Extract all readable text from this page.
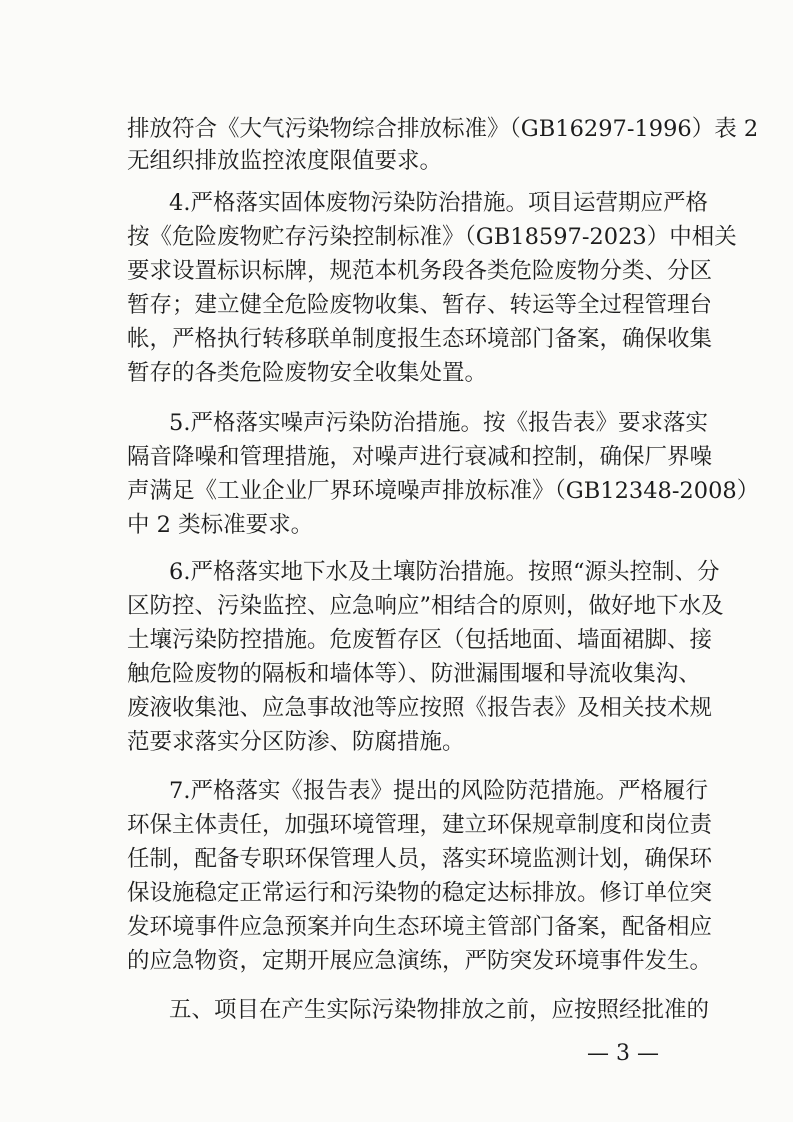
排放符合《大气污染物综合排放标准》（GB16297-1996）表 2
无组织排放监控浓度限值要求。
4.严格落实固体废物污染防治措施。项目运营期应严格
按《危险废物贮存污染控制标准》（GB18597-2023）中相关
要求设置标识标牌，规范本机务段各类危险废物分类、分区
暂存；建立健全危险废物收集、暂存、转运等全过程管理台
帐，严格执行转移联单制度报生态环境部门备案，确保收集
暂存的各类危险废物安全收集处置。
5.严格落实噪声污染防治措施。按《报告表》要求落实
隔音降噪和管理措施，对噪声进行衰减和控制，确保厂界噪
声满足《工业企业厂界环境噪声排放标准》（GB12348-2008）
中 2 类标准要求。
6.严格落实地下水及土壤防治措施。按照“源头控制、分
区防控、污染监控、应急响应”相结合的原则，做好地下水及
土壤污染防控措施。危废暂存区（包括地面、墙面裙脚、接
触危险废物的隔板和墙体等）、防泄漏围堰和导流收集沟、
废液收集池、应急事故池等应按照《报告表》及相关技术规
范要求落实分区防渗、防腐措施。
7.严格落实《报告表》提出的风险防范措施。严格履行
环保主体责任，加强环境管理，建立环保规章制度和岗位责
任制，配备专职环保管理人员，落实环境监测计划，确保环
保设施稳定正常运行和污染物的稳定达标排放。修订单位突
发环境事件应急预案并向生态环境主管部门备案，配备相应
的应急物资，定期开展应急演练，严防突发环境事件发生。
五、项目在产生实际污染物排放之前，应按照经批准的
— 3 —
